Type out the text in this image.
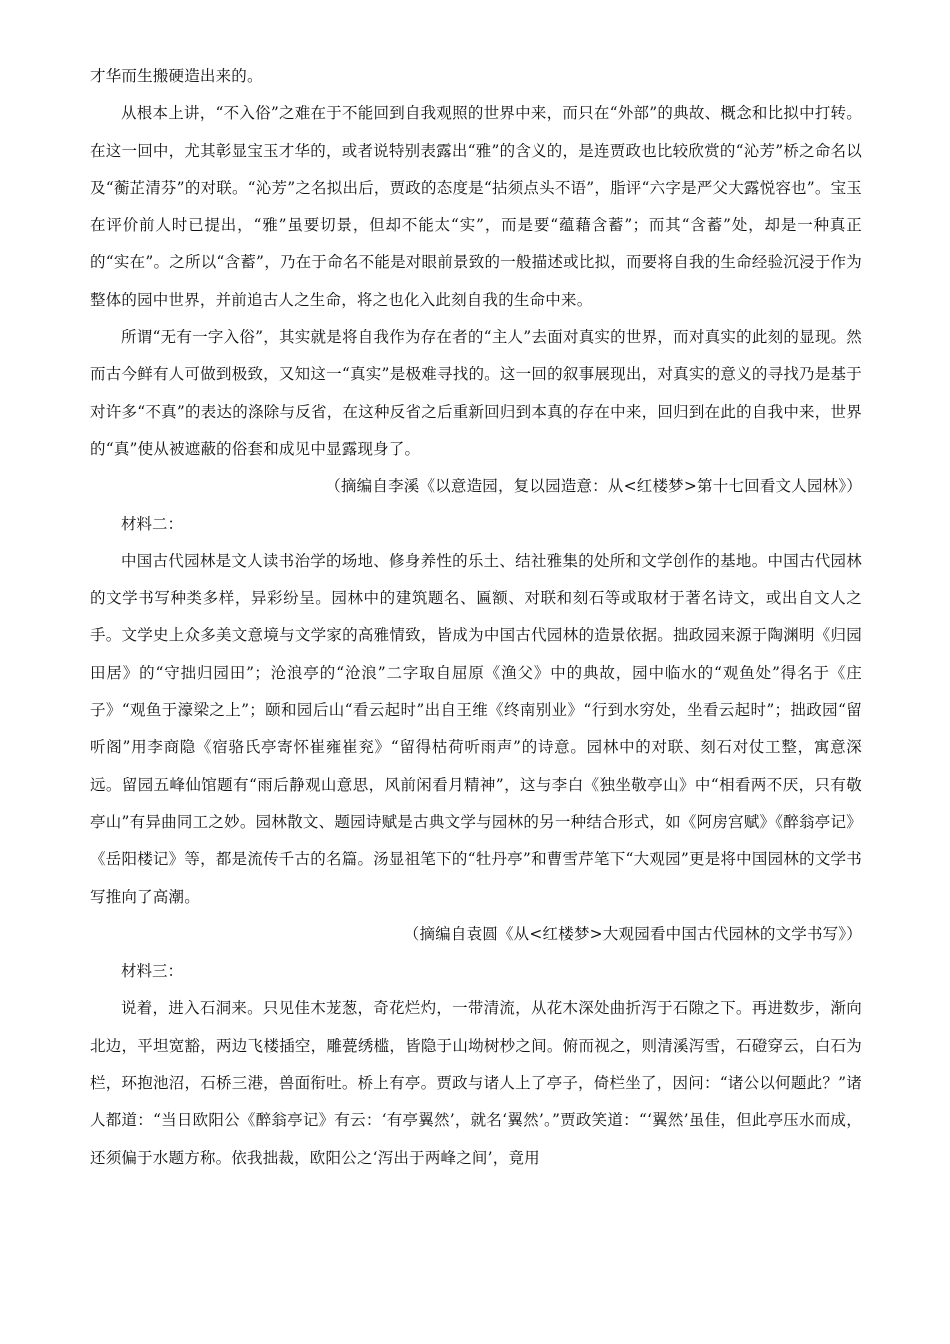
才华而生搬硬造出来的。

从根本上讲，“不入俗”之难在于不能回到自我观照的世界中来，而只在“外部”的典故、概念和比拟中打转。在这一回中，尤其彰显宝玉才华的，或者说特别表露出“雅”的含义的，是连贾政也比较欣赏的“沁芳”桥之命名以及“蘅芷清芬”的对联。“沁芳”之名拟出后，贾政的态度是“拈须点头不语”，脂评“六字是严父大露悦容也”。宝玉在评价前人时已提出，“雅”虽要切景，但却不能太“实”，而是要“蕴藉含蓄”；而其“含蓄”处，却是一种真正的“实在”。之所以“含蓄”，乃在于命名不能是对眼前景致的一般描述或比拟，而要将自我的生命经验沉浸于作为整体的园中世界，并前追古人之生命，将之也化入此刻自我的生命中来。

所谓“无有一字入俗”，其实就是将自我作为存在者的“主人”去面对真实的世界，而对真实的此刻的显现。然而古今鲜有人可做到极致，又知这一“真实”是极难寻找的。这一回的叙事展现出，对真实的意义的寻找乃是基于对许多“不真”的表达的涤除与反省，在这种反省之后重新回归到本真的存在中来，回归到在此的自我中来，世界的“真”使从被遮蔽的俗套和成见中显露现身了。

（摘编自李溪《以意造园，复以园造意：从<红楼梦>第十七回看文人园林》）

材料二：

中国古代园林是文人读书治学的场地、修身养性的乐土、结社雅集的处所和文学创作的基地。中国古代园林的文学书写种类多样，异彩纷呈。园林中的建筑题名、匾额、对联和刻石等或取材于著名诗文，或出自文人之手。文学史上众多美文意境与文学家的高雅情致，皆成为中国古代园林的造景依据。拙政园来源于陶渊明《归园田居》的“守拙归园田”；沧浪亭的“沧浪”二字取自屈原《渔父》中的典故，园中临水的“观鱼处”得名于《庄子》“观鱼于濠梁之上”；颐和园后山“看云起时”出自王维《终南别业》“行到水穷处，坐看云起时”；拙政园“留听阁”用李商隐《宿骆氏亭寄怀崔雍崔兖》“留得枯荷听雨声”的诗意。园林中的对联、刻石对仗工整，寓意深远。留园五峰仙馆题有“雨后静观山意思，风前闲看月精神”，这与李白《独坐敬亭山》中“相看两不厌，只有敬亭山”有异曲同工之妙。园林散文、题园诗赋是古典文学与园林的另一种结合形式，如《阿房宫赋》《醉翁亭记》《岳阳楼记》等，都是流传千古的名篇。汤显祖笔下的“牡丹亭”和曹雪芹笔下“大观园”更是将中国园林的文学书写推向了高潮。

（摘编自袁圆《从<红楼梦>大观园看中国古代园林的文学书写》）

材料三：

说着，进入石洞来。只见佳木茏葱，奇花烂灼，一带清流，从花木深处曲折泻于石隙之下。再进数步，渐向北边，平坦宽豁，两边飞楼插空，雕甍绣槛，皆隐于山坳树杪之间。俯而视之，则清溪泻雪，石磴穿云，白石为栏，环抱池沼，石桥三港，兽面衔吐。桥上有亭。贾政与诸人上了亭子，倚栏坐了，因问：“诸公以何题此？”诸人都道：“当日欧阳公《醉翁亭记》有云：‘有亭翼然’，就名‘翼然’。”贾政笑道：“‘翼然’虽佳，但此亭压水而成，还须偏于水题方称。依我拙裁，欧阳公之‘泻出于两峰之间’，竟用
